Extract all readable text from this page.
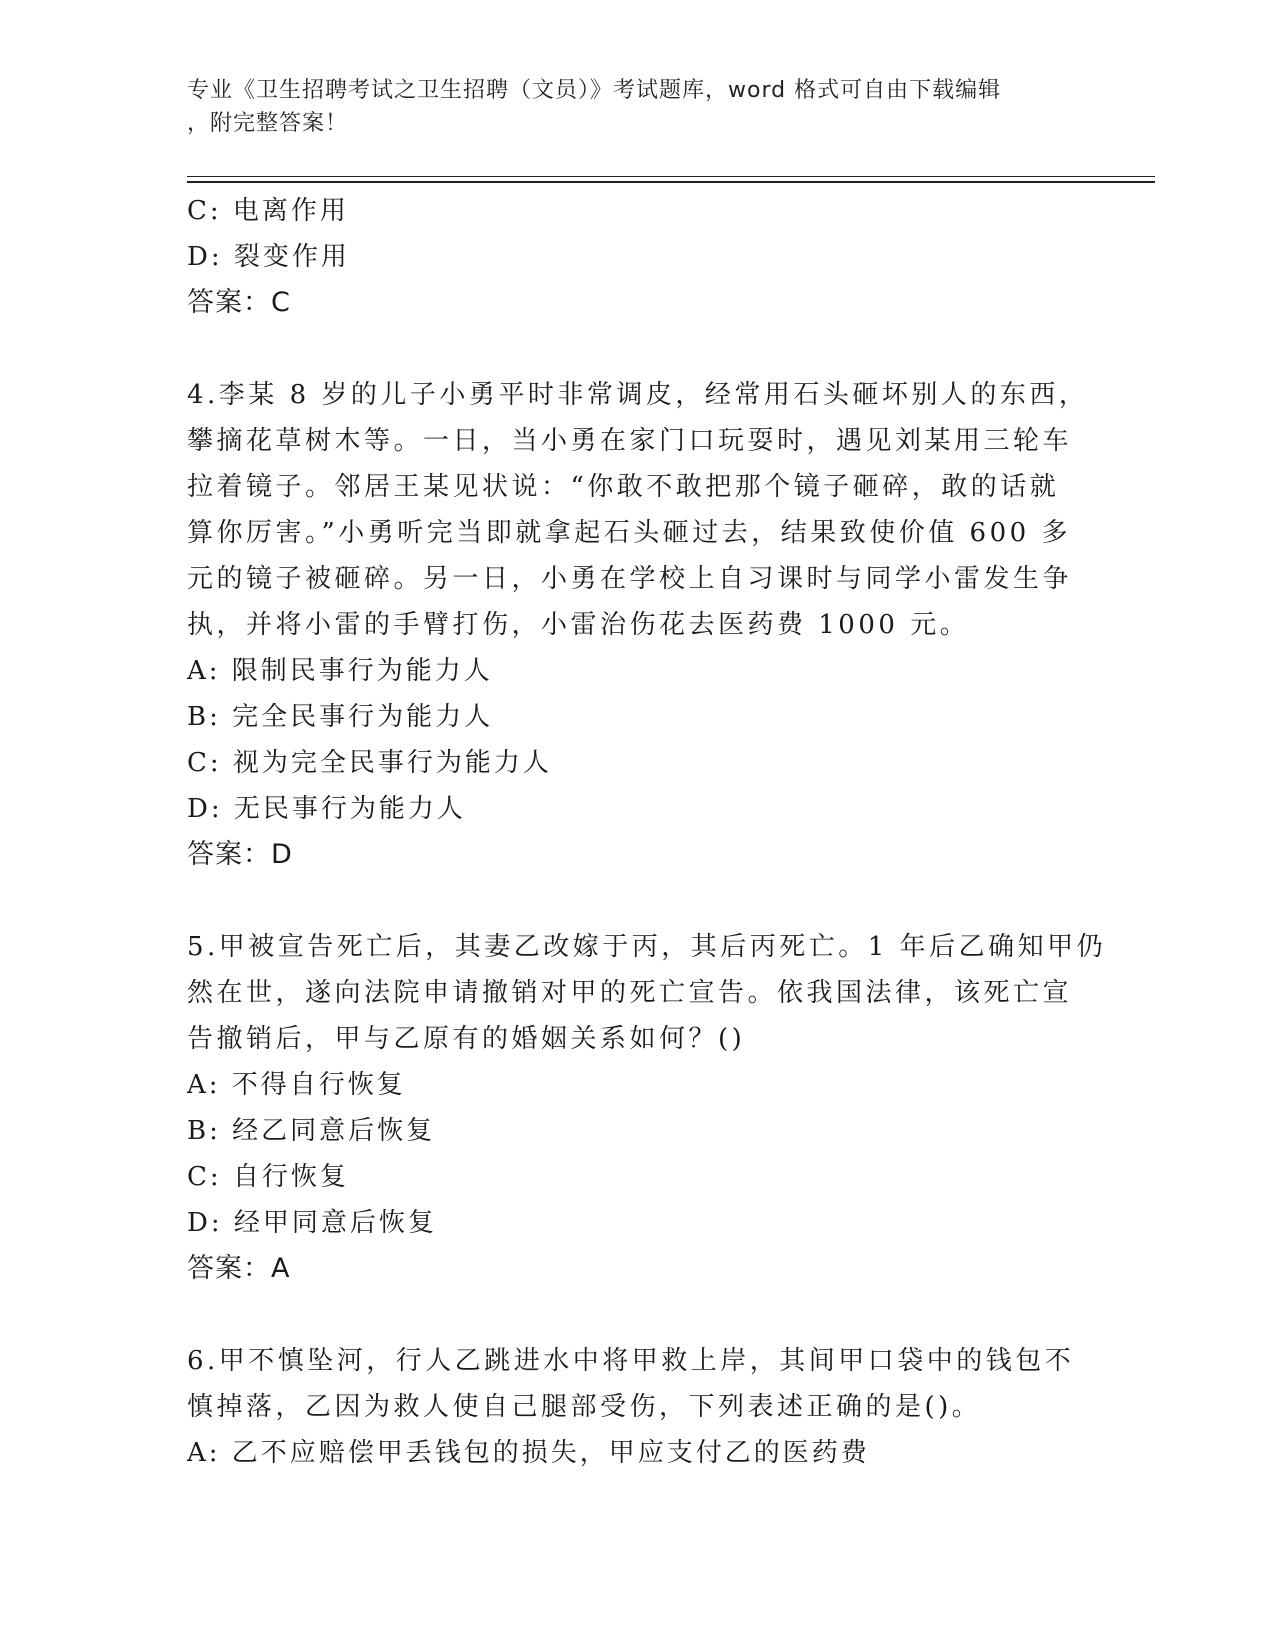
专业《卫生招聘考试之卫生招聘（文员）》考试题库，word 格式可自由下载编辑
，附完整答案！
C: 电离作用
D: 裂变作用
答案：C
4.李某 8 岁的儿子小勇平时非常调皮，经常用石头砸坏别人的东西，
攀摘花草树木等。一日，当小勇在家门口玩耍时，遇见刘某用三轮车
拉着镜子。邻居王某见状说：“你敢不敢把那个镜子砸碎，敢的话就
算你厉害。”小勇听完当即就拿起石头砸过去，结果致使价值 600 多
元的镜子被砸碎。另一日，小勇在学校上自习课时与同学小雷发生争
执，并将小雷的手臂打伤，小雷治伤花去医药费 1000 元。
A: 限制民事行为能力人
B: 完全民事行为能力人
C: 视为完全民事行为能力人
D: 无民事行为能力人
答案：D
5.甲被宣告死亡后，其妻乙改嫁于丙，其后丙死亡。1 年后乙确知甲仍
然在世，遂向法院申请撤销对甲的死亡宣告。依我国法律，该死亡宣
告撤销后，甲与乙原有的婚姻关系如何？()
A: 不得自行恢复
B: 经乙同意后恢复
C: 自行恢复
D: 经甲同意后恢复
答案：A
6.甲不慎坠河，行人乙跳进水中将甲救上岸，其间甲口袋中的钱包不
慎掉落，乙因为救人使自己腿部受伤，下列表述正确的是()。
A: 乙不应赔偿甲丢钱包的损失，甲应支付乙的医药费
